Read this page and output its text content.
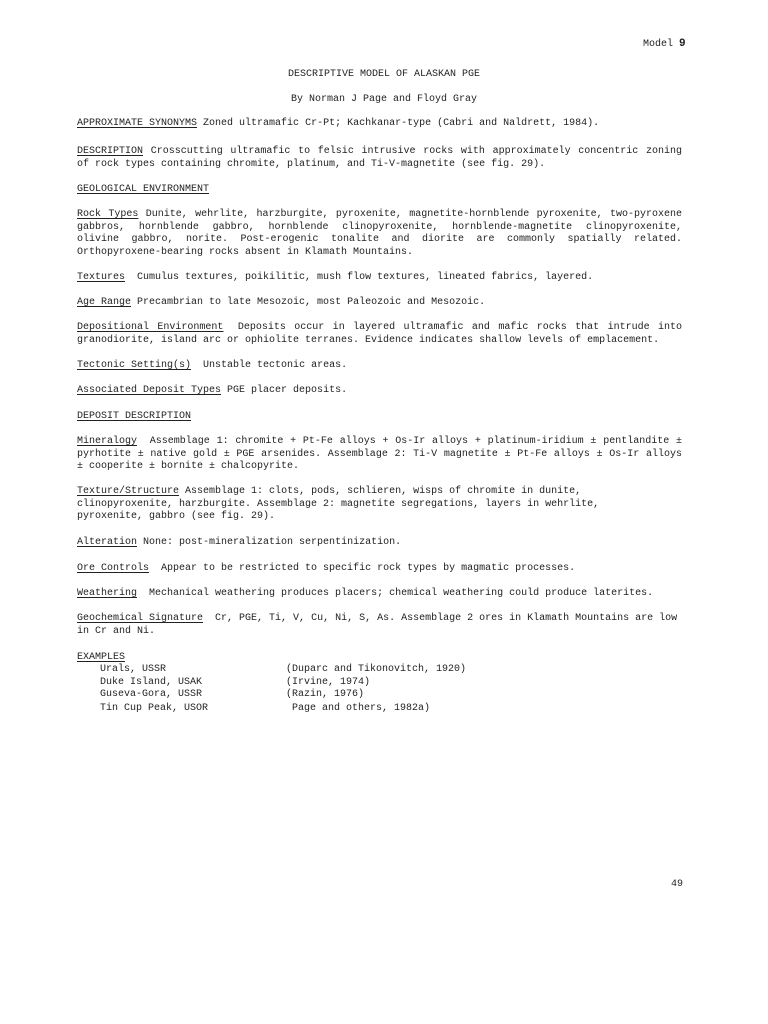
Model 9
DESCRIPTIVE MODEL OF ALASKAN PGE
By Norman J Page and Floyd Gray
APPROXIMATE SYNONYMS Zoned ultramafic Cr-Pt; Kachkanar-type (Cabri and Naldrett, 1984).
DESCRIPTION Crosscutting ultramafic to felsic intrusive rocks with approximately concentric zoning of rock types containing chromite, platinum, and Ti-V-magnetite (see fig. 29).
GEOLOGICAL ENVIRONMENT
Rock Types Dunite, wehrlite, harzburgite, pyroxenite, magnetite-hornblende pyroxenite, two-pyroxene gabbros, hornblende gabbro, hornblende clinopyroxenite, hornblende-magnetite clinopyroxenite, olivine gabbro, norite. Post-erogenic tonalite and diorite are commonly spatially related. Orthopyroxene-bearing rocks absent in Klamath Mountains.
Textures Cumulus textures, poikilitic, mush flow textures, lineated fabrics, layered.
Age Range Precambrian to late Mesozoic, most Paleozoic and Mesozoic.
Depositional Environment Deposits occur in layered ultramafic and mafic rocks that intrude into granodiorite, island arc or ophiolite terranes. Evidence indicates shallow levels of emplacement.
Tectonic Setting(s) Unstable tectonic areas.
Associated Deposit Types PGE placer deposits.
DEPOSIT DESCRIPTION
Mineralogy Assemblage 1: chromite + Pt-Fe alloys + Os-Ir alloys + platinum-iridium ± pentlandite ± pyrhotite ± native gold ± PGE arsenides. Assemblage 2: Ti-V magnetite ± Pt-Fe alloys ± Os-Ir alloys ± cooperite ± bornite ± chalcopyrite.
Texture/Structure Assemblage 1: clots, pods, schlieren, wisps of chromite in dunite, clinopyroxenite, harzburgite. Assemblage 2: magnetite segregations, layers in wehrlite, pyroxenite, gabbro (see fig. 29).
Alteration None: post-mineralization serpentinization.
Ore Controls Appear to be restricted to specific rock types by magmatic processes.
Weathering Mechanical weathering produces placers; chemical weathering could produce laterites.
Geochemical Signature Cr, PGE, Ti, V, Cu, Ni, S, As. Assemblage 2 ores in Klamath Mountains are low in Cr and Ni.
EXAMPLES
Urals, USSR	(Duparc and Tikonovitch, 1920)
Duke Island, USAK	(Irvine, 1974)
Guseva-Gora, USSR	(Razin, 1976)
Tin Cup Peak, USOR	Page and others, 1982a)
49
